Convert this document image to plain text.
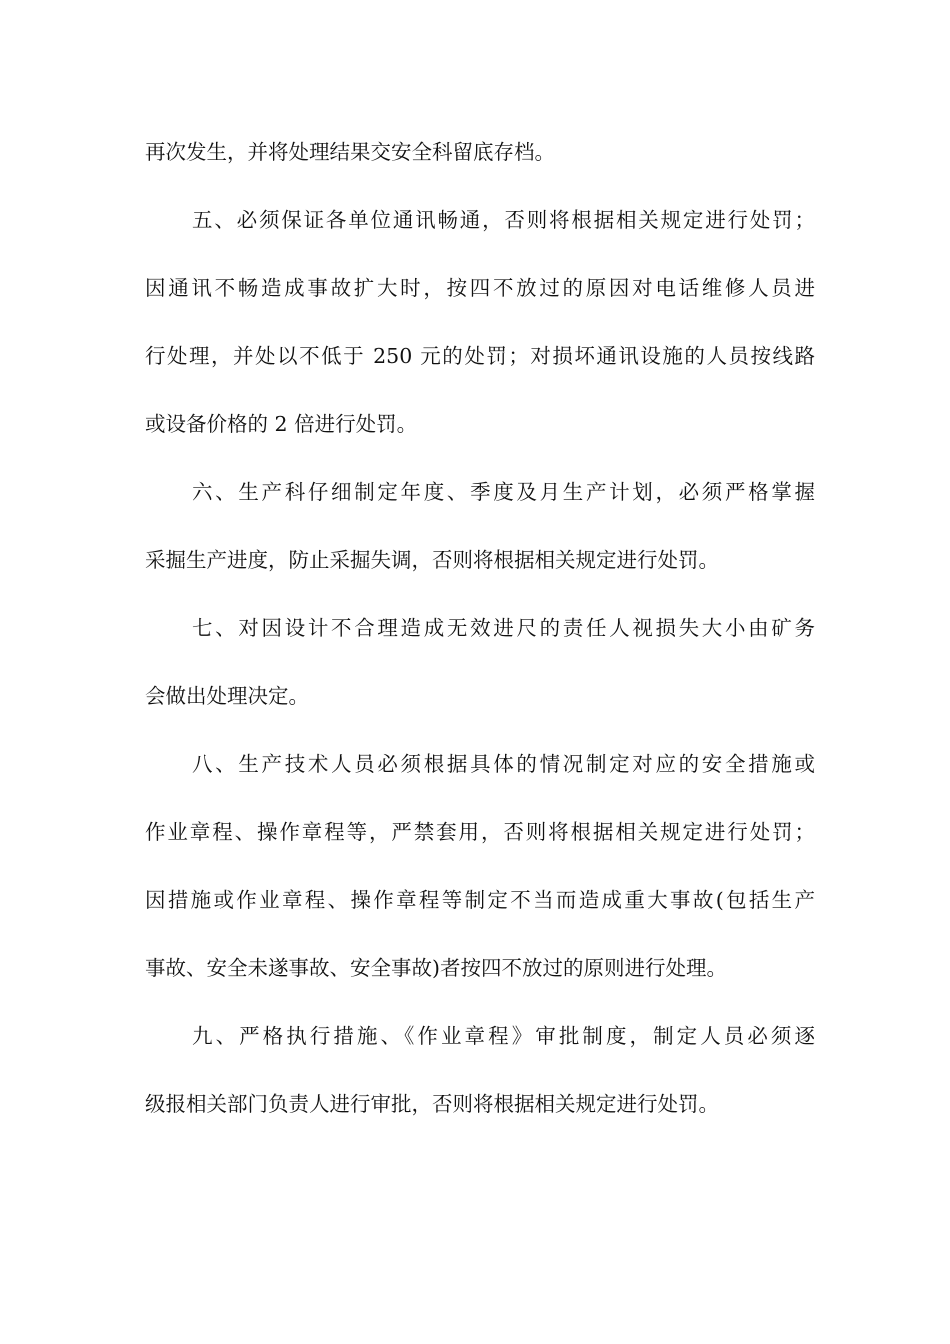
再次发生，并将处理结果交安全科留底存档。
五、必须保证各单位通讯畅通，否则将根据相关规定进行处罚；
因通讯不畅造成事故扩大时，按四不放过的原因对电话维修人员进
行处理，并处以不低于 250 元的处罚；对损坏通讯设施的人员按线路
或设备价格的 2 倍进行处罚。
六、生产科仔细制定年度、季度及月生产计划，必须严格掌握
采掘生产进度，防止采掘失调，否则将根据相关规定进行处罚。
七、对因设计不合理造成无效进尺的责任人视损失大小由矿务
会做出处理决定。
八、生产技术人员必须根据具体的情况制定对应的安全措施或
作业章程、操作章程等，严禁套用，否则将根据相关规定进行处罚；
因措施或作业章程、操作章程等制定不当而造成重大事故(包括生产
事故、安全未遂事故、安全事故)者按四不放过的原则进行处理。
九、严格执行措施、《作业章程》审批制度，制定人员必须逐
级报相关部门负责人进行审批，否则将根据相关规定进行处罚。
